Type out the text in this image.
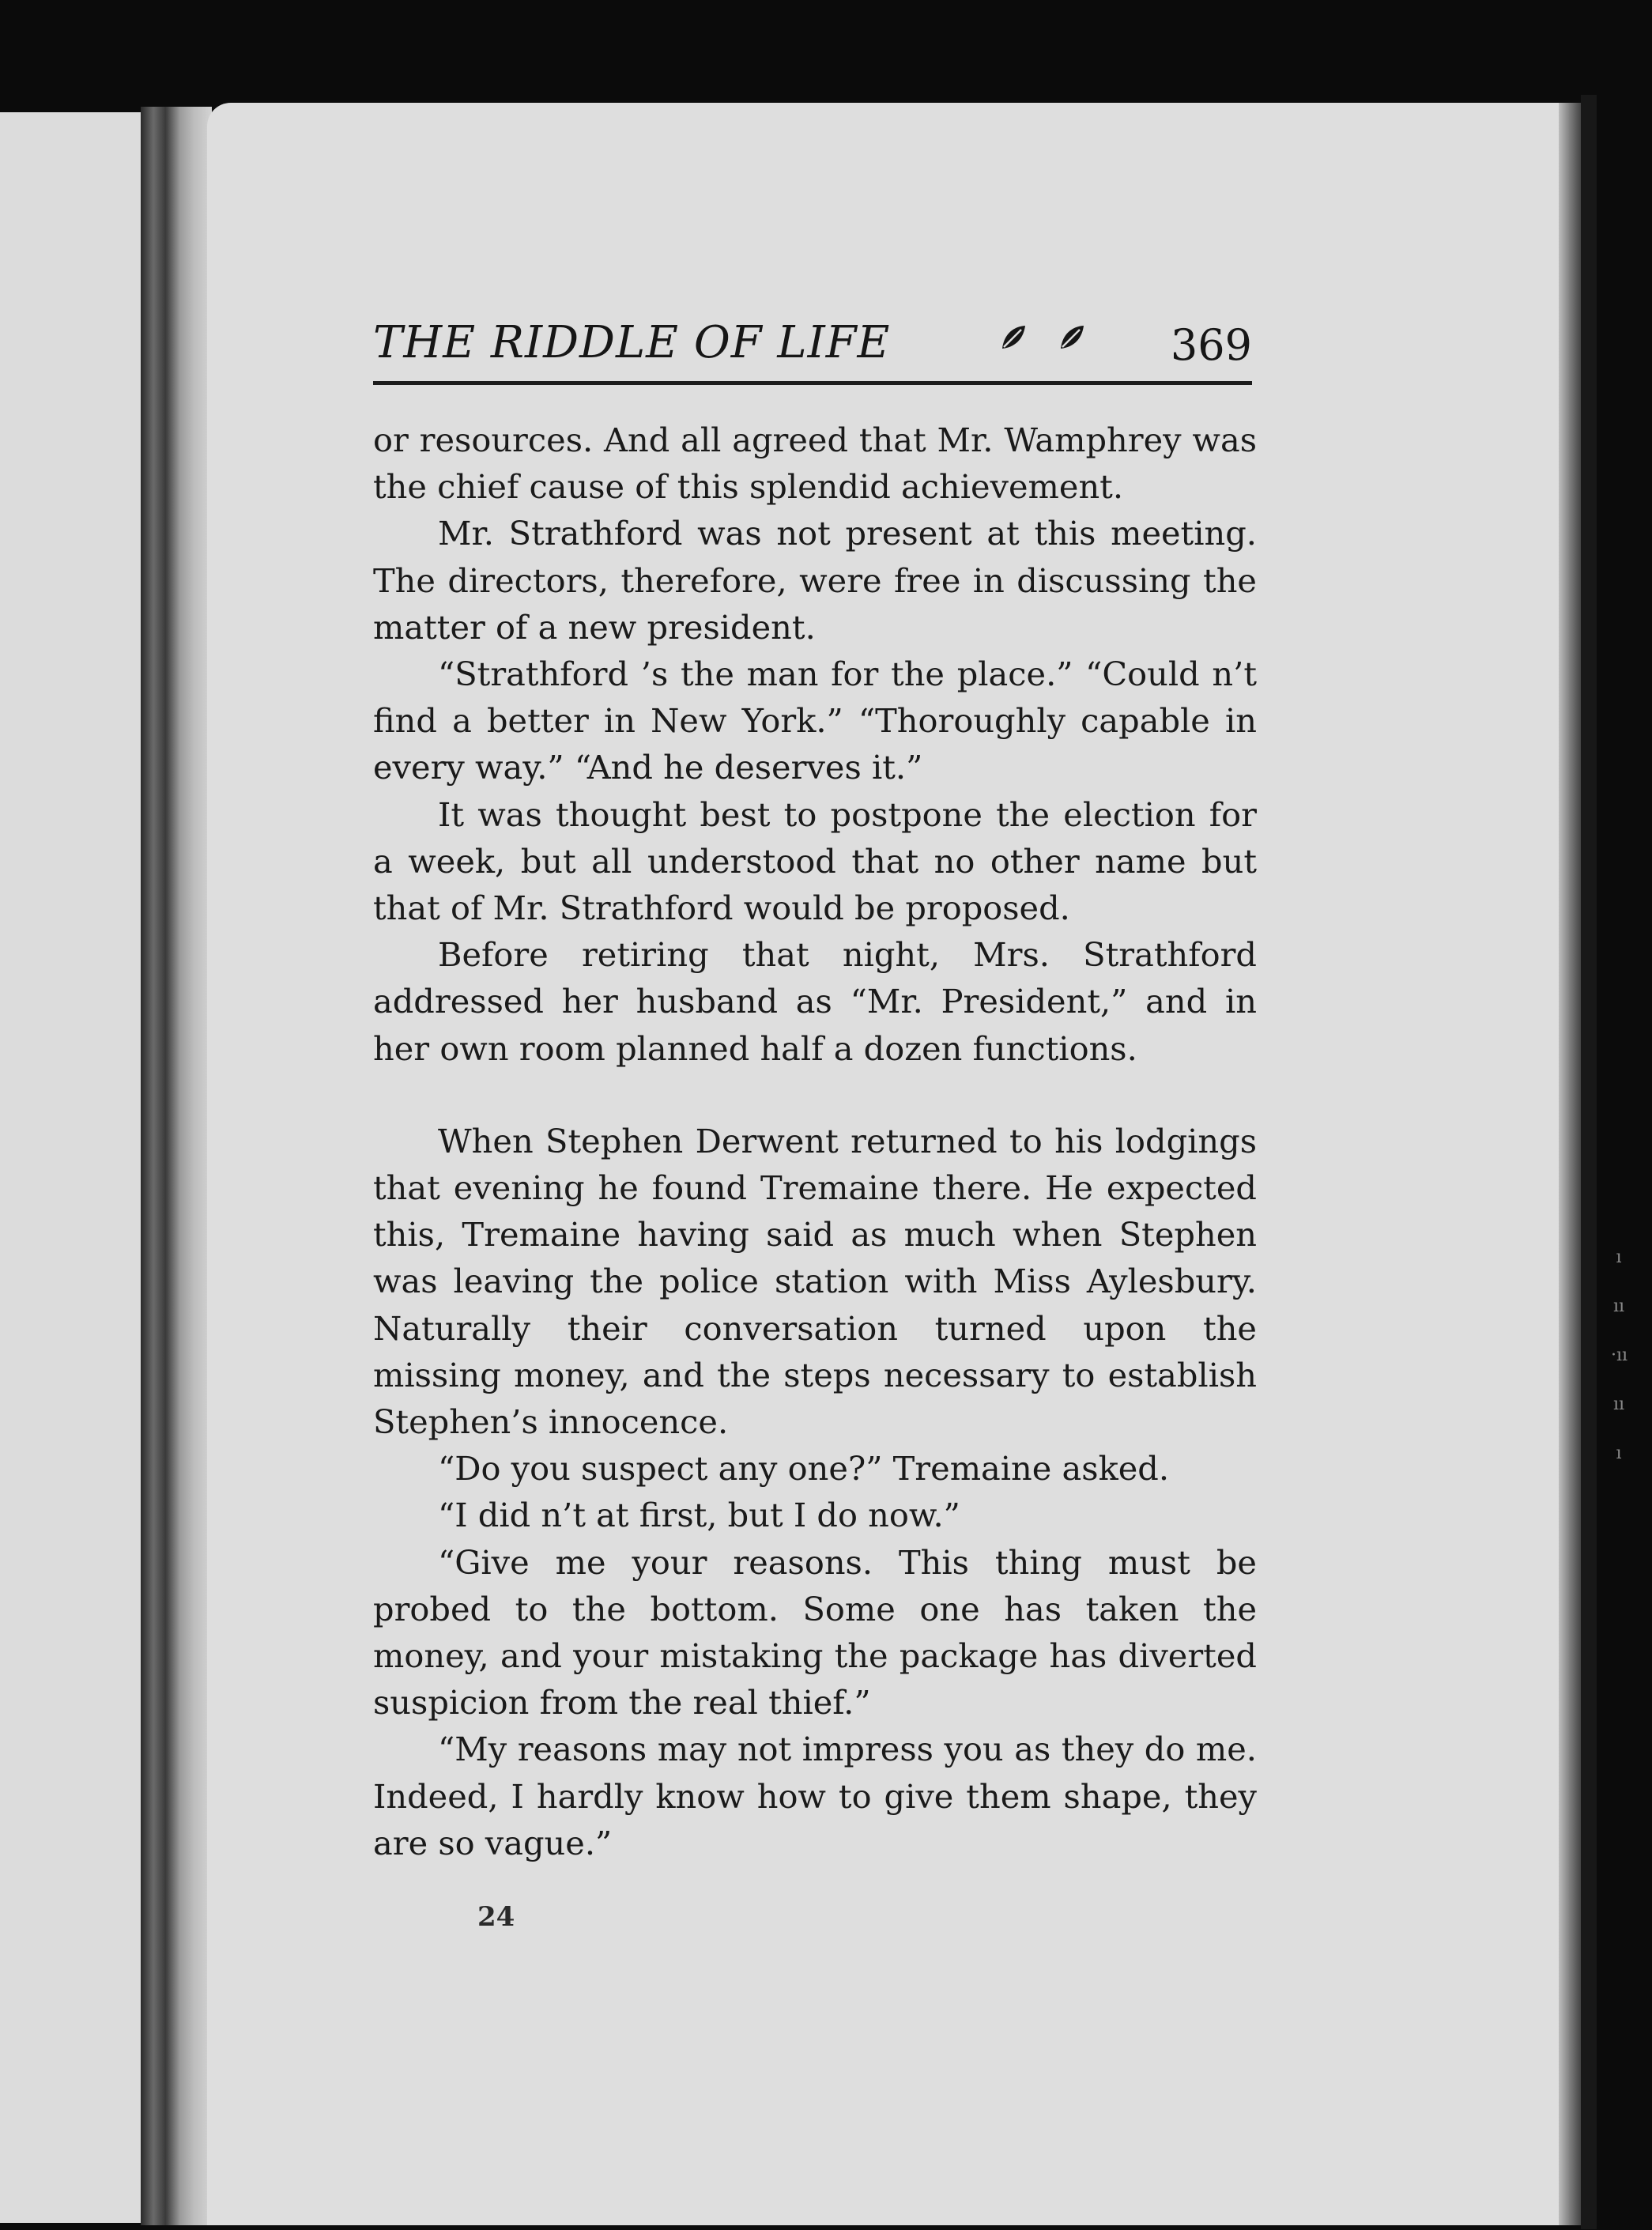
ı
ıı
·ıı
ıı
ı
THE RIDDLE OF LIFE	369

or resources. And all agreed that Mr. Wamphrey was the chief cause of this splendid achievement.

Mr. Strathford was not present at this meeting. The directors, therefore, were free in discussing the matter of a new president.

“Strathford ’s the man for the place.” “Could n’t find a better in New York.” “Thoroughly capable in every way.” “And he deserves it.”

It was thought best to postpone the election for a week, but all understood that no other name but that of Mr. Strathford would be proposed.

Before retiring that night, Mrs. Strathford addressed her husband as “Mr. President,” and in her own room planned half a dozen functions.

When Stephen Derwent returned to his lodgings that evening he found Tremaine there. He expected this, Tremaine having said as much when Stephen was leaving the police station with Miss Aylesbury. Naturally their conversation turned upon the missing money, and the steps necessary to establish Stephen’s innocence.

“Do you suspect any one?” Tremaine asked.

“I did n’t at first, but I do now.”

“Give me your reasons. This thing must be probed to the bottom. Some one has taken the money, and your mistaking the package has diverted suspicion from the real thief.”

“My reasons may not impress you as they do me. Indeed, I hardly know how to give them shape, they are so vague.”

24
